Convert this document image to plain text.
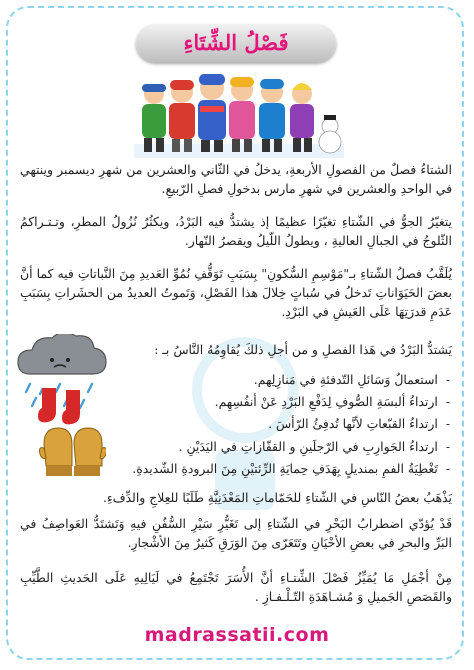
فَصْلُ الشِّتَاءِ

الشتاءُ فصلٌ من الفصولِ الأربعةِ، يدخلُ في الثّاني والعشرين من شهرِ ديسمبر وينتهي في الواحدِ والعشرين في شهرِ مارس بدخولِ فصلِ الرّبيعِ.

يتغيّرُ الجوُّ في الشّتاءِ تغيّرًا عظيمًا إذ يشتدُّ فيه البَرْدُ، ويكثُرُ نُزُولُ المطرِ، وتـتـراكمُ الثّلوجُ في الجبالِ العاليةِ ، ويطولُ اللّيلُ ويقصرُ النّهار.

يُلَقَّبُ فصلُ الشّتاءِ بـ"مَوْسِمِ السُّكونِ" بِسَبَبِ تَوَقُّفِ نُمُوِّ العَديدِ مِنَ النَّباتاتِ فيه كما أنَّ بعضَ الحَيَوَاناتِ تَدخلُ في سُباتٍ خِلالَ هذا الفَصْلِ، وَتَموتُ العديدُ من الحشَراتِ بِسَبَبِ عَدَمِ قدرَتِهَا عَلَى العَيشِ في البَرْدِ.

يَشتدُّ البَرْدُ في هَذا الفصلِ و من أجلِ ذلكَ يُقاوِمُهُ النَّاسُ بـ :

-استعمالُ وَسَائلِ التّدفئةِ في مَنازِلِهم.

-ارتداءُ ألبسَةِ الصُّوفِ لِدَفْعِ البَرْدِ عَنْ أنفُسِهِم.

-ارتداءُ القبّعاتِ لأنَّها تُدفِئُ الرّأسَ .

-ارتداءُ الجَوارِبِ في الرّجلَينِ و القفّازاتِ في اليَدَيْنِ .

-تَغْطِيَةُ الفمِ بمنديلٍ بِهَدَفِ حِمايَةِ الرِّئتيْنِ مِنَ البرودةِ الشّديدةِ.

يَذْهَبُ بعضُ النّاسِ في الشّتاءِ للحَمّاماتِ المَعْدَنِيَّةِ طَلَبًا للعِلاجِ والدِّفءِ.

قَدْ يُؤدّي اضطرابُ البَحْرِ في الشّتاءِ إلى تَغَيُّرِ سَيْرِ السُّفُنِ فيهِ وَتَشتَدُّ العَواصِفُ في البَرِّ والبحرِ في بعضِ الأحْيَانِ وتَتَعَرّى مِنَ الوَرَقِ كَثيرٌ مِنَ الأشْجارِ.

مِنْ أجْمَلِ مَا يُمَيِّزُ فَصْلَ الشِّتـاءِ أنَّ الأُسَرَ تَجْتَمِعُ في لَيَالِيهِ عَلَى الحَديثِ الطَّيِّبِ والقَصَصِ الجَميلِ وَ مُشـاهَدَةِ التّـلْـفـازِ .

madrassatii.com
